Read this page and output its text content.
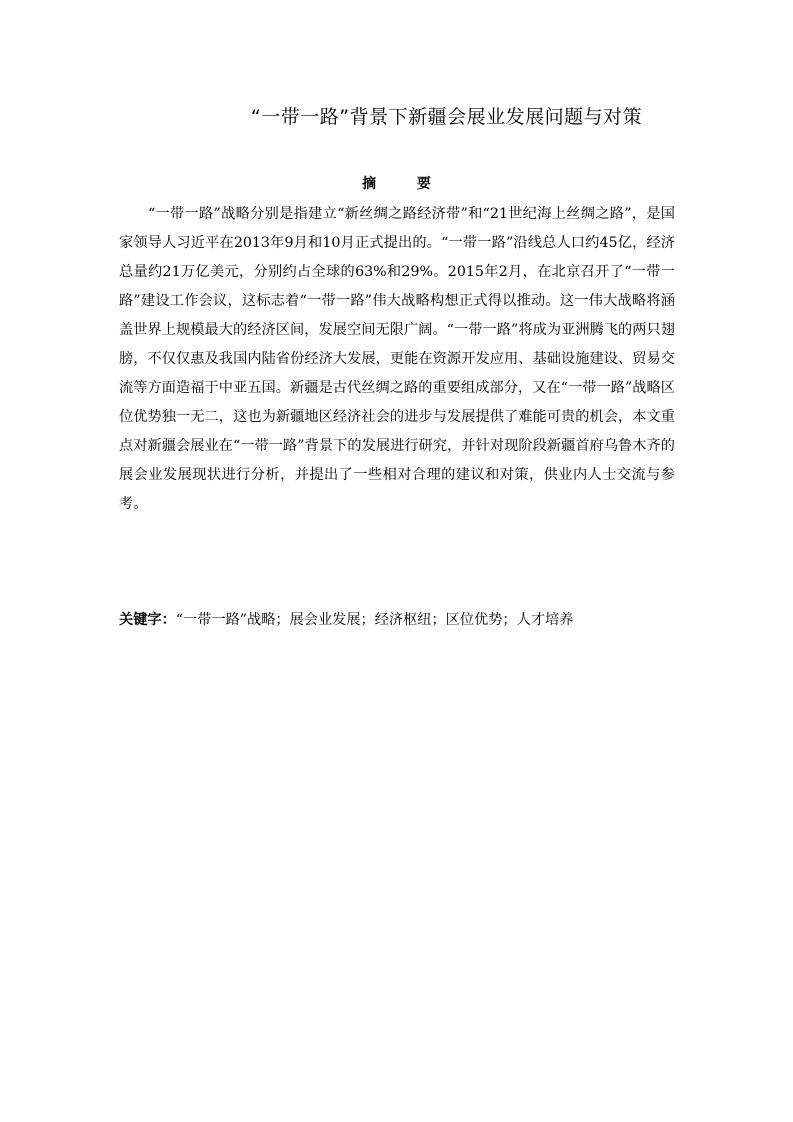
“一带一路”背景下新疆会展业发展问题与对策
摘 要

“一带一路”战略分别是指建立“新丝绸之路经济带”和“21世纪海上丝绸之路”，是国家领导人习近平在2013年9月和10月正式提出的。“一带一路”沿线总人口约45亿，经济总量约21万亿美元，分别约占全球的63%和29%。2015年2月，在北京召开了“一带一路”建设工作会议，这标志着“一带一路”伟大战略构想正式得以推动。这一伟大战略将涵盖世界上规模最大的经济区间，发展空间无限广阔。“一带一路”将成为亚洲腾飞的两只翅膀，不仅仅惠及我国内陆省份经济大发展，更能在资源开发应用、基础设施建设、贸易交流等方面造福于中亚五国。新疆是古代丝绸之路的重要组成部分，又在“一带一路”战略区位优势独一无二，这也为新疆地区经济社会的进步与发展提供了难能可贵的机会，本文重点对新疆会展业在“一带一路”背景下的发展进行研究，并针对现阶段新疆首府乌鲁木齐的展会业发展现状进行分析，并提出了一些相对合理的建议和对策，供业内人士交流与参考。

关键字：“一带一路”战略；展会业发展；经济枢纽；区位优势；人才培养
